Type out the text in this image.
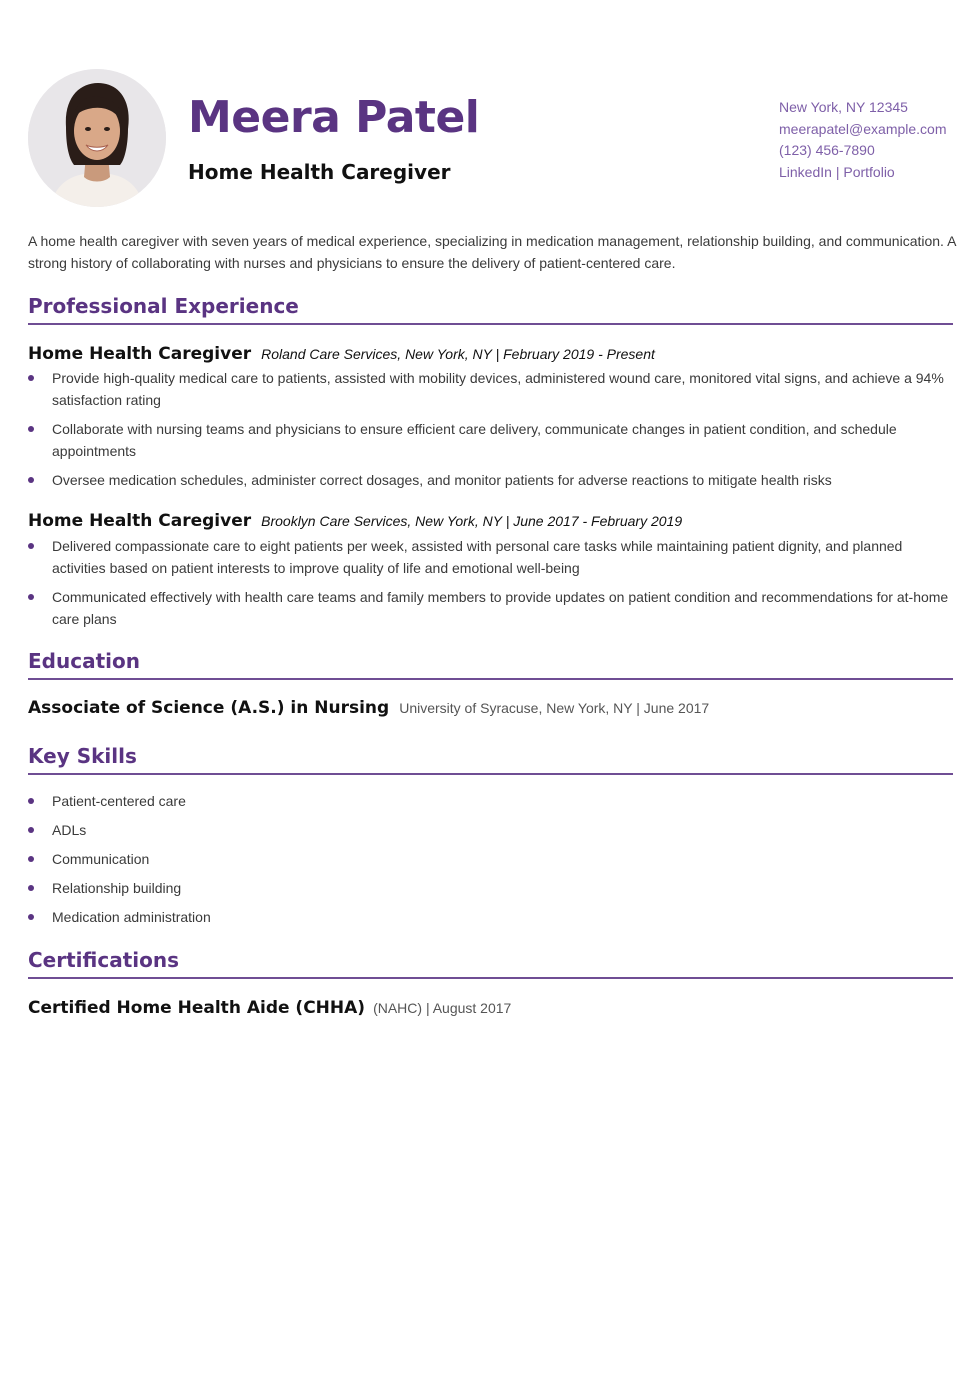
Meera Patel
Home Health Caregiver
New York, NY 12345
meerapatel@example.com
(123) 456-7890
LinkedIn | Portfolio

A home health caregiver with seven years of medical experience, specializing in medication management, relationship building, and communication. A strong history of collaborating with nurses and physicians to ensure the delivery of patient-centered care.

Professional Experience
Home Health Caregiver Roland Care Services, New York, NY | February 2019 - Present
Provide high-quality medical care to patients, assisted with mobility devices, administered wound care, monitored vital signs, and achieve a 94% satisfaction rating
Collaborate with nursing teams and physicians to ensure efficient care delivery, communicate changes in patient condition, and schedule appointments
Oversee medication schedules, administer correct dosages, and monitor patients for adverse reactions to mitigate health risks
Home Health Caregiver Brooklyn Care Services, New York, NY | June 2017 - February 2019
Delivered compassionate care to eight patients per week, assisted with personal care tasks while maintaining patient dignity, and planned activities based on patient interests to improve quality of life and emotional well-being
Communicated effectively with health care teams and family members to provide updates on patient condition and recommendations for at-home care plans
Education
Associate of Science (A.S.) in Nursing University of Syracuse, New York, NY | June 2017
Key Skills
Patient-centered care
ADLs
Communication
Relationship building
Medication administration
Certifications
Certified Home Health Aide (CHHA) (NAHC) | August 2017
